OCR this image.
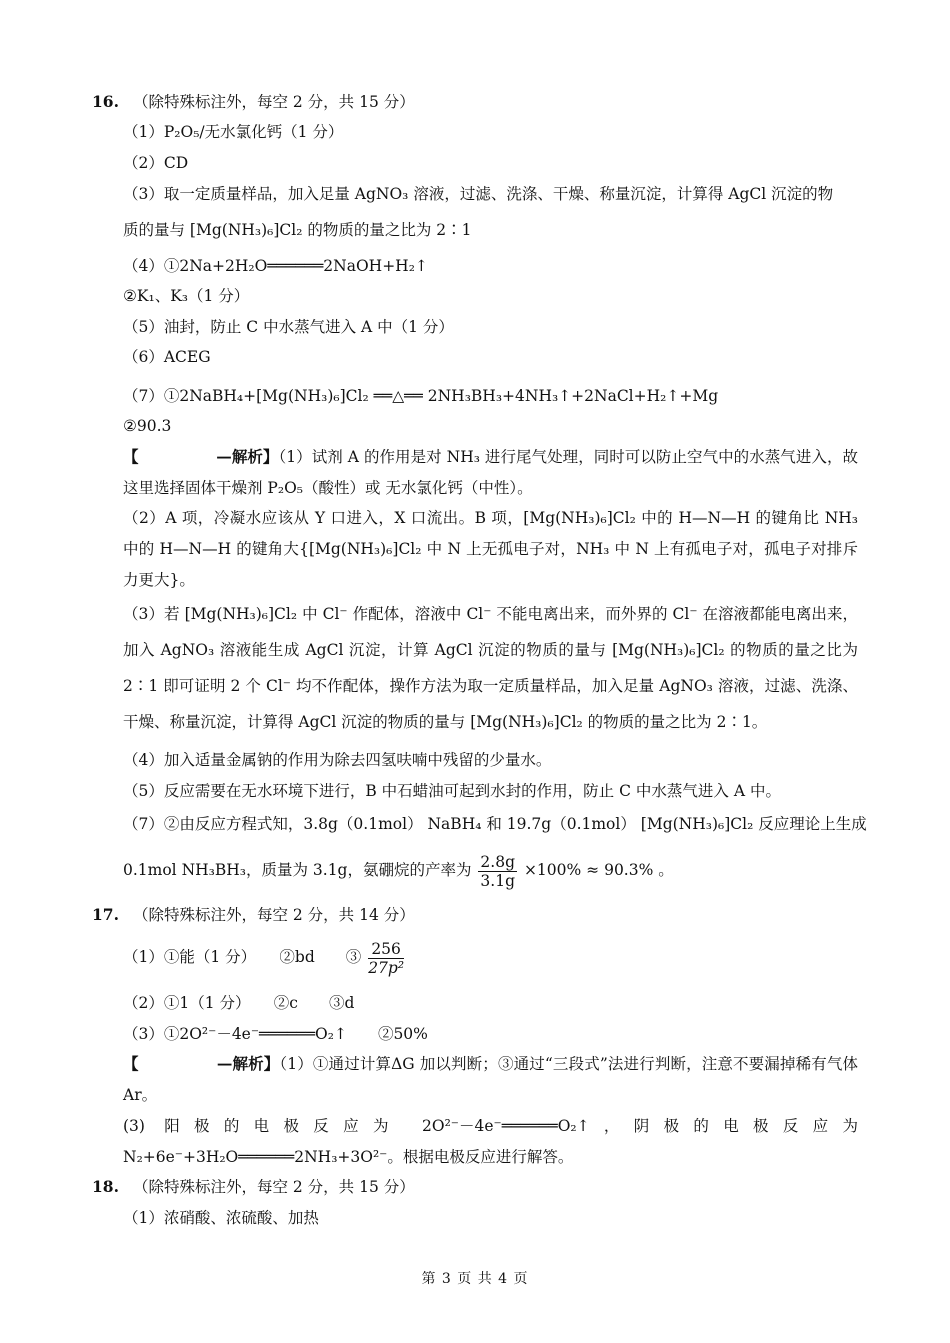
16. （除特殊标注外，每空 2 分，共 15 分）
（1）P₂O₅/无水氯化钙（1 分）
（2）CD
（3）取一定质量样品，加入足量 AgNO₃ 溶液，过滤、洗涤、干燥、称量沉淀，计算得 AgCl 沉淀的物
质的量与 [Mg(NH₃)₆]Cl₂ 的物质的量之比为 2∶1
（4）①2Na+2H₂O══════2NaOH+H₂↑
②K₁、K₃（1 分）
（5）油封，防止 C 中水蒸气进入 A 中（1 分）
（6）ACEG
（7）①2NaBH₄+[Mg(NH₃)₆]Cl₂ ══△══ 2NH₃BH₃+4NH₃↑+2NaCl+H₂↑+Mg
②90.3
【　　　　　—解析】（1）试剂 A 的作用是对 NH₃ 进行尾气处理，同时可以防止空气中的水蒸气进入，故这里选择固体干燥剂 P₂O₅（酸性）或 无水氯化钙（中性）。
（2）A 项，冷凝水应该从 Y 口进入，X 口流出。B 项，[Mg(NH₃)₆]Cl₂ 中的 H—N—H 的键角比 NH₃ 中的 H—N—H 的键角大{[Mg(NH₃)₆]Cl₂ 中 N 上无孤电子对，NH₃ 中 N 上有孤电子对，孤电子对排斥力更大}。
（3）若 [Mg(NH₃)₆]Cl₂ 中 Cl⁻ 作配体，溶液中 Cl⁻ 不能电离出来，而外界的 Cl⁻ 在溶液都能电离出来，加入 AgNO₃ 溶液能生成 AgCl 沉淀，计算 AgCl 沉淀的物质的量与 [Mg(NH₃)₆]Cl₂ 的物质的量之比为 2∶1 即可证明 2 个 Cl⁻ 均不作配体，操作方法为取一定质量样品，加入足量 AgNO₃ 溶液，过滤、洗涤、干燥、称量沉淀，计算得 AgCl 沉淀的物质的量与 [Mg(NH₃)₆]Cl₂ 的物质的量之比为 2∶1。
（4）加入适量金属钠的作用为除去四氢呋喃中残留的少量水。
（5）反应需要在无水环境下进行，B 中石蜡油可起到水封的作用，防止 C 中水蒸气进入 A 中。
（7）②由反应方程式知，3.8g（0.1mol） NaBH₄ 和 19.7g（0.1mol） [Mg(NH₃)₆]Cl₂ 反应理论上生成
0.1mol NH₃BH₃，质量为 3.1g，氨硼烷的产率为 $\frac{2.8g}{3.1g} \times 100\% \approx 90.3\%$ 。
17. （除特殊标注外，每空 2 分，共 14 分）
（1）①能（1 分）　　②bd　　③ $\frac{256}{\text{27p²}}$
（2）①1（1 分）　　②c　　③d
（3）①2O²⁻－4e⁻══════O₂↑　　②50%
【　　　　　—解析】（1）①通过计算ΔG 加以判断；③通过“三段式”法进行判断，注意不要漏掉稀有气体 Ar。
(3) 阳极的电极反应为 2O²⁻－4e⁻══════O₂↑，阴极的电极反应为 N₂+6e⁻+3H₂O══════2NH₃+3O²⁻。根据电极反应进行解答。
18. （除特殊标注外，每空 2 分，共 15 分）
（1）浓硝酸、浓硫酸、加热
第 3 页 共 4 页
